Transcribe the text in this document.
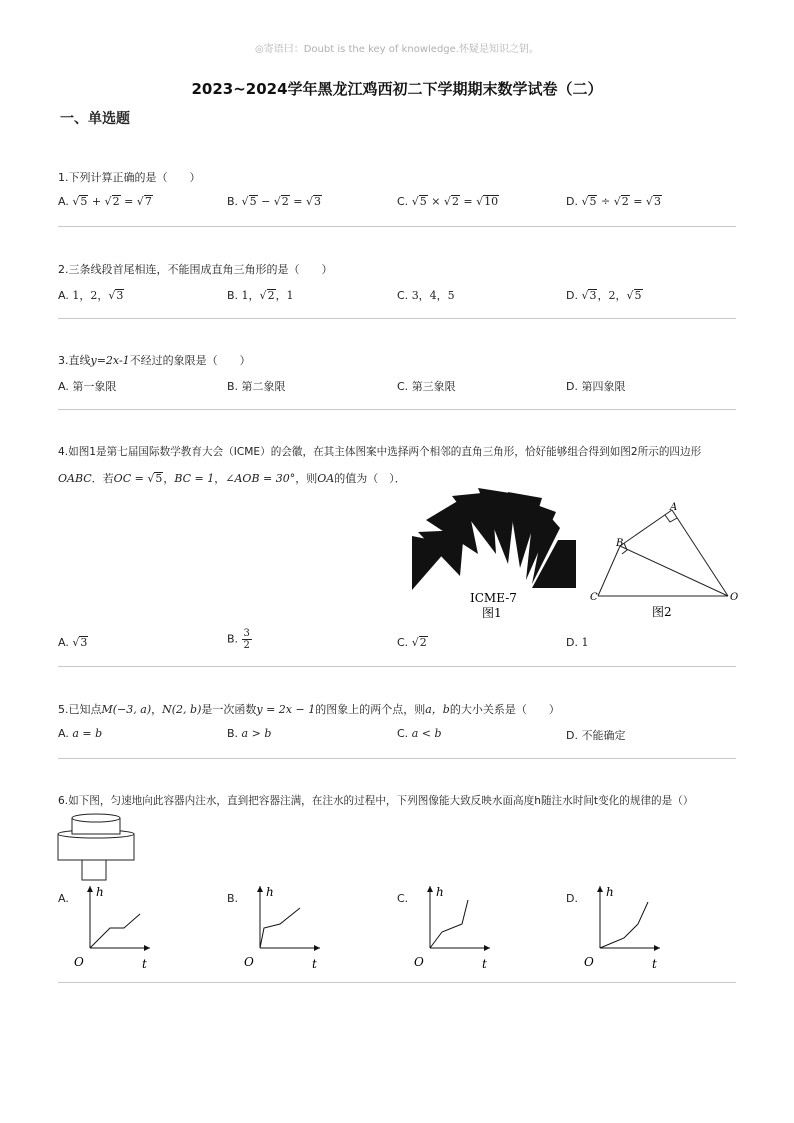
◎寄语曰：Doubt is the key of knowledge.怀疑是知识之钥。
2023~2024学年黑龙江鸡西初二下学期期末数学试卷（二）
一、单选题
1.下列计算正确的是（　　）
A. √5 + √2 = √7	B. √5 − √2 = √3	C. √5 × √2 = √10	D. √5 ÷ √2 = √3
2.三条线段首尾相连，不能围成直角三角形的是（　　）
A. 1，2，√3	B. 1，√2，1	C. 3，4，5	D. √3，2，√5
3.直线y=2x-1不经过的象限是（　　）
A. 第一象限	B. 第二象限	C. 第三象限	D. 第四象限
4.如图1是第七届国际数学教育大会（ICME）的会徽，在其主体图案中选择两个相邻的直角三角形，恰好能够组合得到如图2所示的四边形
OABC．若OC = √5，BC = 1，∠AOB = 30°，则OA的值为（　）．
ICME-7
图1
A
B
C	O
图2
A. √3	B. $\frac{3}{2}$	C. √2	D. 1
5.已知点M(−3, a)，N(2, b)是一次函数y = 2x − 1的图象上的两个点，则a，b的大小关系是（　　）
A. a = b	B. a > b	C. a < b	D. 不能确定
6.如下图，匀速地向此容器内注水，直到把容器注满，在注水的过程中，下列图像能大致反映水面高度h随注水时间t变化的规律的是（）
A.	B.	C.	D.
h
t
O
h
t
O
h
t
O
h
t
O
